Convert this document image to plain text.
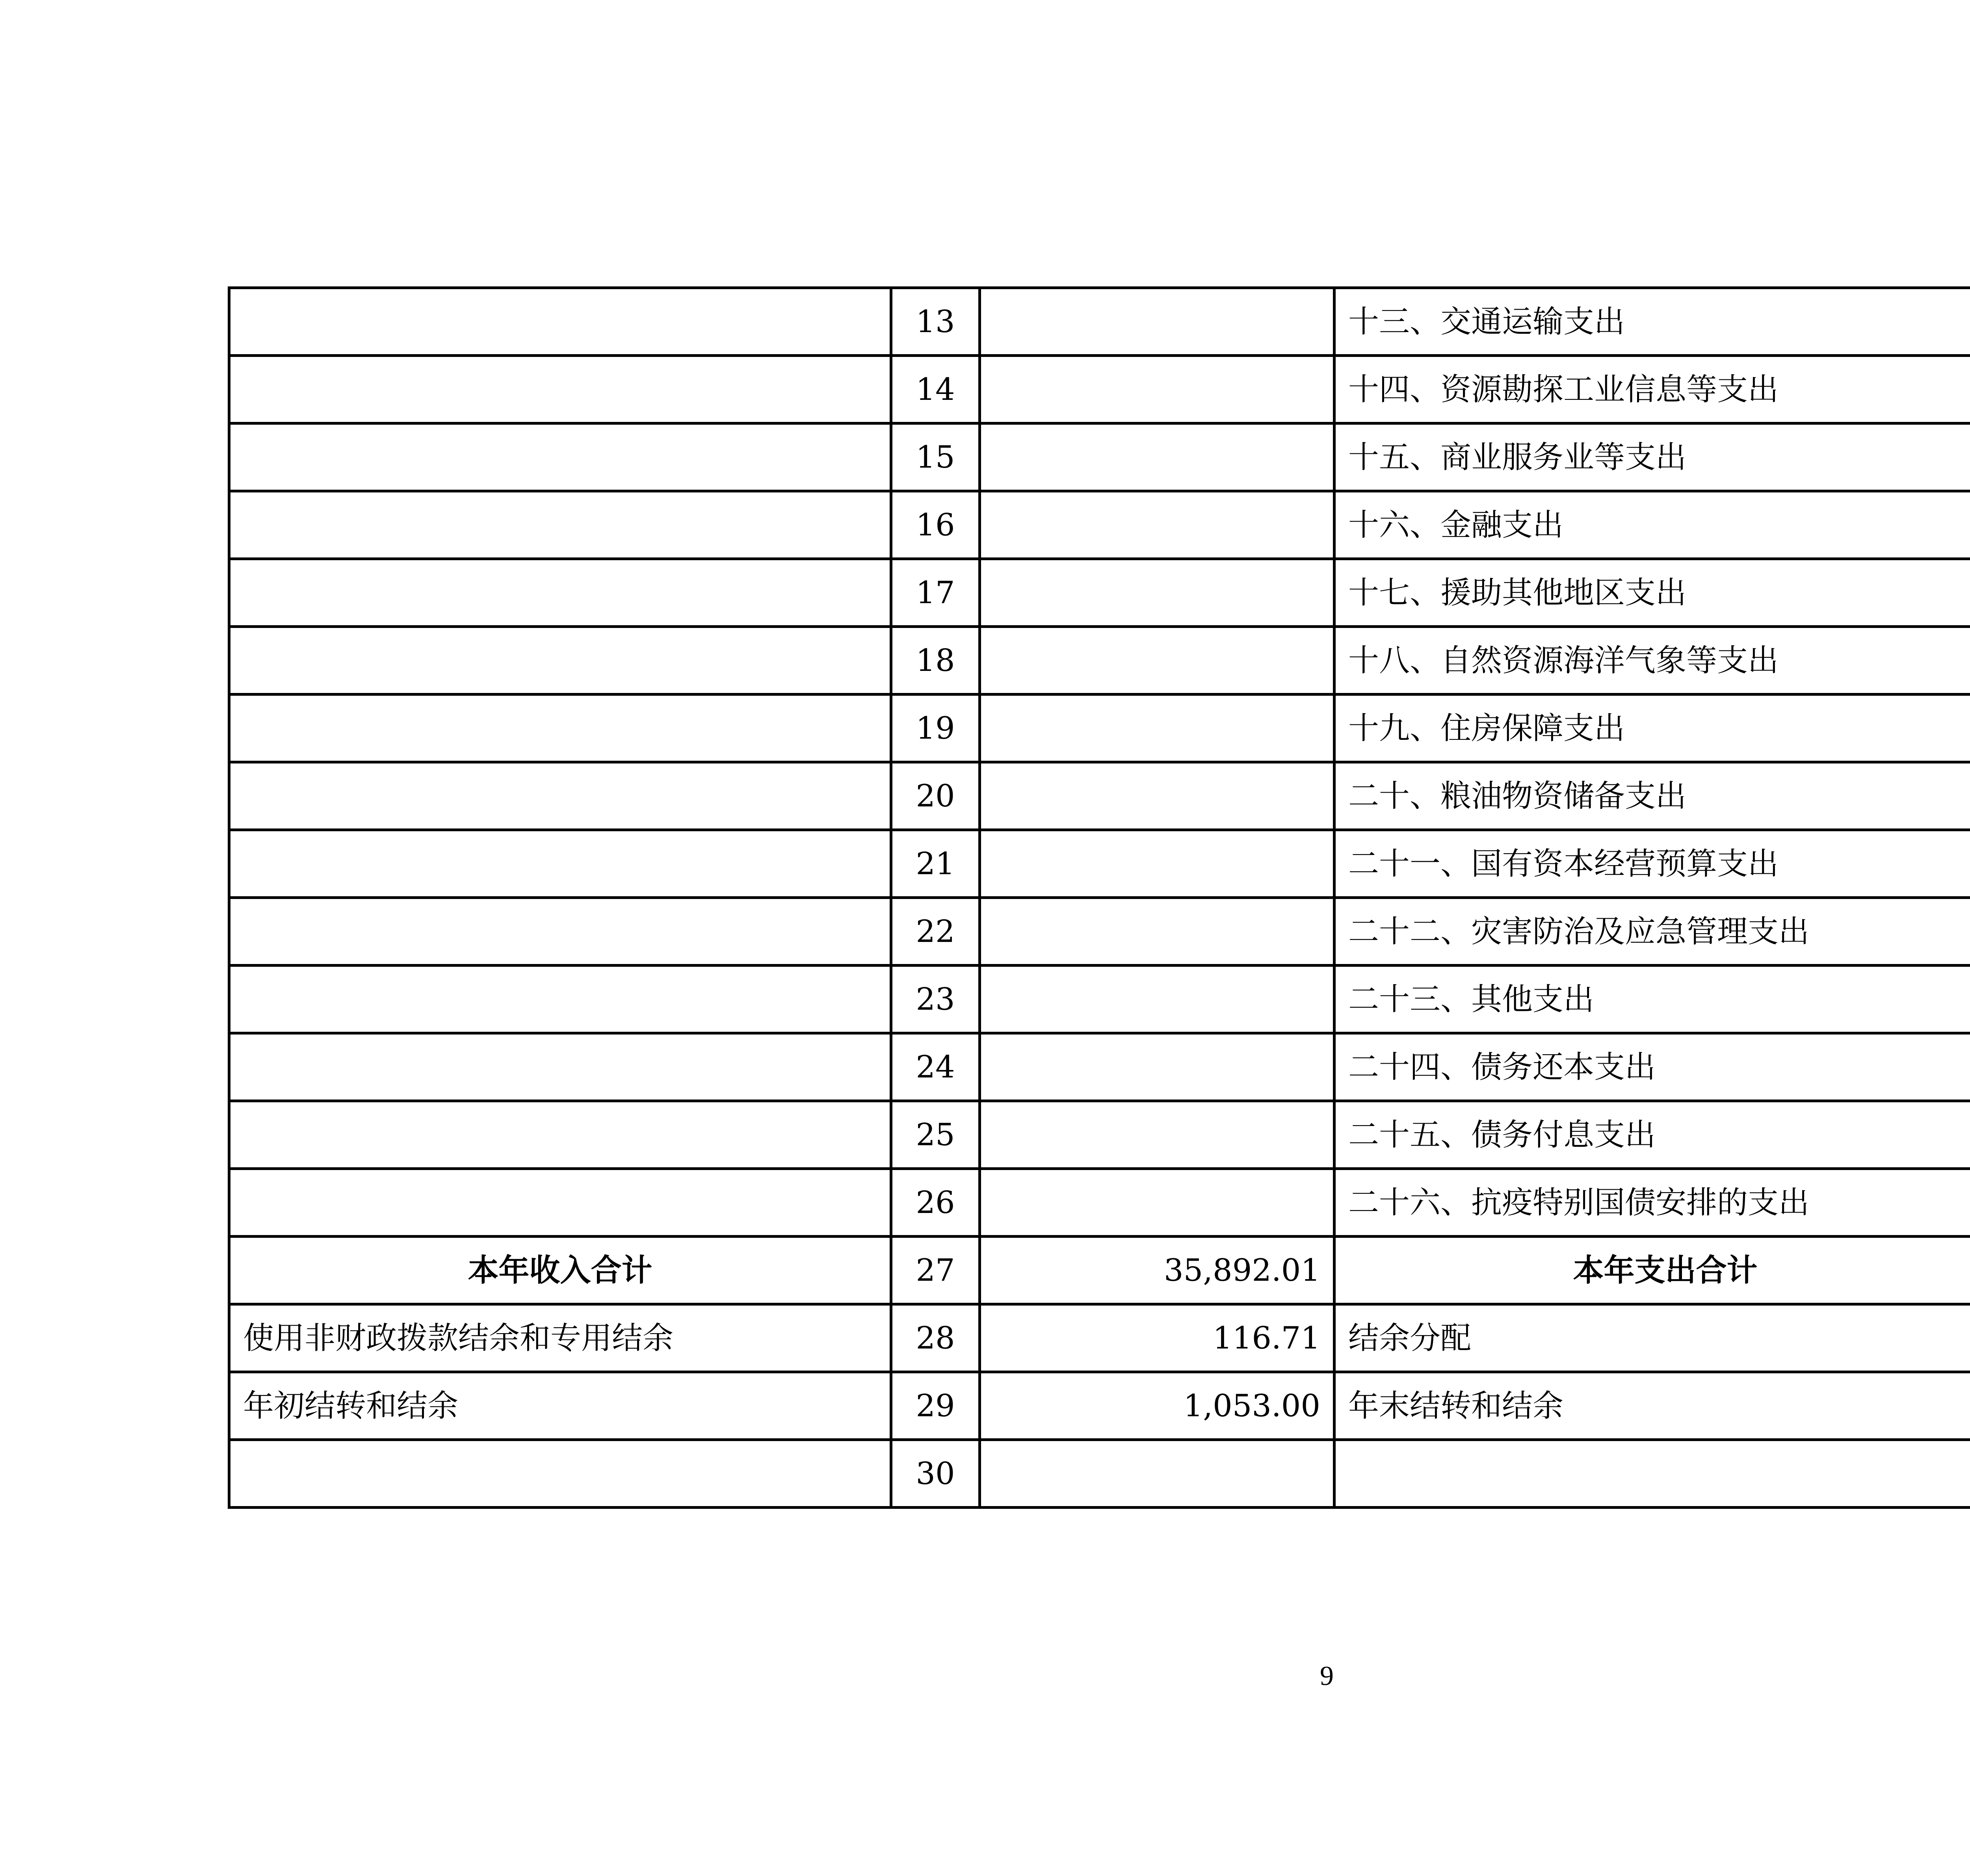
	13		十三、交通运输支出		
	14		十四、资源勘探工业信息等支出		
	15		十五、商业服务业等支出		
	16		十六、金融支出		
	17		十七、援助其他地区支出		
	18		十八、自然资源海洋气象等支出		
	19		十九、住房保障支出		
	20		二十、粮油物资储备支出		
	21		二十一、国有资本经营预算支出		
	22		二十二、灾害防治及应急管理支出		
	23		二十三、其他支出		
	24		二十四、债务还本支出		
	25		二十五、债务付息支出		
	26		二十六、抗疫特别国债安排的支出		
本年收入合计	27	35,892.01	本年支出合计		
使用非财政拨款结余和专用结余	28	116.71	结余分配		
年初结转和结余	29	1,053.00	年末结转和结余		
	30				
9
